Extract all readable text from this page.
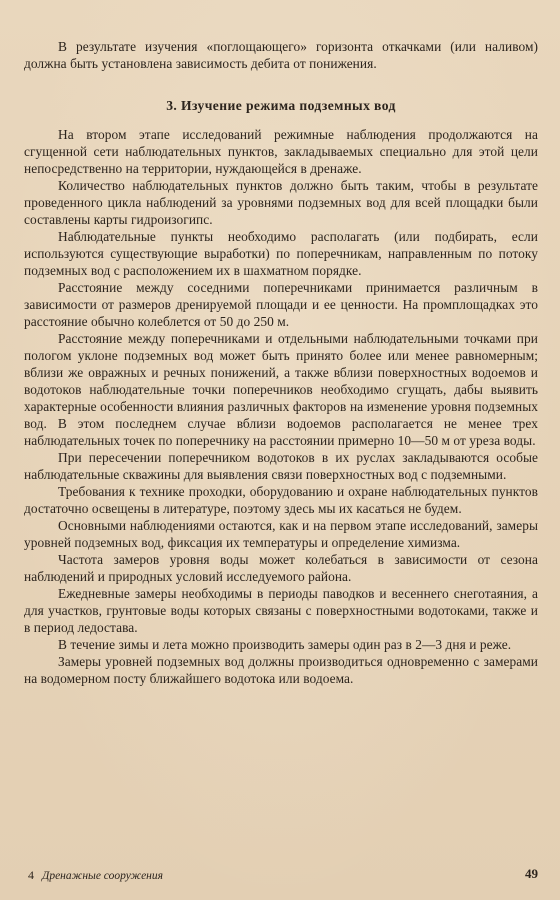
В результате изучения «поглощающего» горизонта откачками (или наливом) должна быть установлена зависимость дебита от понижения.

3. Изучение режима подземных вод

На втором этапе исследований режимные наблюдения продолжаются на сгущенной сети наблюдательных пунктов, закладываемых специально для этой цели непосредственно на территории, нуждающейся в дренаже.

Количество наблюдательных пунктов должно быть таким, чтобы в результате проведенного цикла наблюдений за уровнями подземных вод для всей площадки были составлены карты гидроизогипс.

Наблюдательные пункты необходимо располагать (или подбирать, если используются существующие выработки) по поперечникам, направленным по потоку подземных вод с расположением их в шахматном порядке.

Расстояние между соседними поперечниками принимается различным в зависимости от размеров дренируемой площади и ее ценности. На промплощадках это расстояние обычно колеблется от 50 до 250 м.

Расстояние между поперечниками и отдельными наблюдательными точками при пологом уклоне подземных вод может быть принято более или менее равномерным; вблизи же оврaжных и речных понижений, а также вблизи поверхностных водоемов и водотоков наблюдательные точки поперечников необходимо сгущать, дабы выявить характерные особенности влияния различных факторов на изменение уровня подземных вод. В этом последнем случае вблизи водоемов располагается не менее трех наблюдательных точек по поперечнику на расстоянии примерно 10—50 м от уреза воды.

При пересечении поперечником водотоков в их руслах закладываются особые наблюдательные скважины для выявления связи поверхностных вод с подземными.

Требования к технике проходки, оборудованию и охране наблюдательных пунктов достаточно освещены в литературе, поэтому здесь мы их касаться не будем.

Основными наблюдениями остаются, как и на первом этапе исследований, замеры уровней подземных вод, фиксация их температуры и определение химизма.

Частота замеров уровня воды может колебаться в зависимости от сезона наблюдений и природных условий исследуемого района.

Ежедневные замеры необходимы в периоды паводков и весеннего снеготаяния, а для участков, грунтовые воды которых связаны с поверхностными водотоками, также и в период ледостава.

В течение зимы и лета можно производить замеры один раз в 2—3 дня и реже.

Замеры уровней подземных вод должны производиться одновременно с замерами на водомерном посту ближайшего водотока или водоема.

4 Дренажные сооружения	49
